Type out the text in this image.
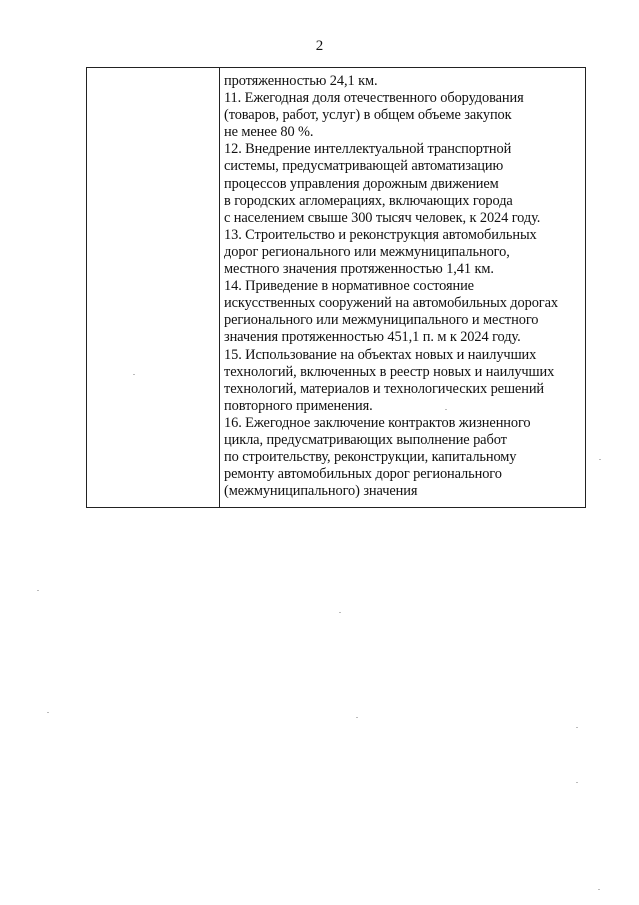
2
протяженностью 24,1 км.
11. Ежегодная доля отечественного оборудования
(товаров, работ, услуг) в общем объеме закупок
не менее 80 %.
12. Внедрение интеллектуальной транспортной
системы, предусматривающей автоматизацию
процессов управления дорожным движением
в городских агломерациях, включающих города
с населением свыше 300 тысяч человек, к 2024 году.
13. Строительство и реконструкция автомобильных
дорог регионального или межмуниципального,
местного значения протяженностью 1,41 км.
14. Приведение в нормативное состояние
искусственных сооружений на автомобильных дорогах
регионального или межмуниципального и местного
значения протяженностью 451,1 п. м к 2024 году.
15. Использование на объектах новых и наилучших
технологий, включенных в реестр новых и наилучших
технологий, материалов и технологических решений
повторного применения.
16. Ежегодное заключение контрактов жизненного
цикла, предусматривающих выполнение работ
по строительству, реконструкции, капитальному
ремонту автомобильных дорог регионального
(межмуниципального) значения
